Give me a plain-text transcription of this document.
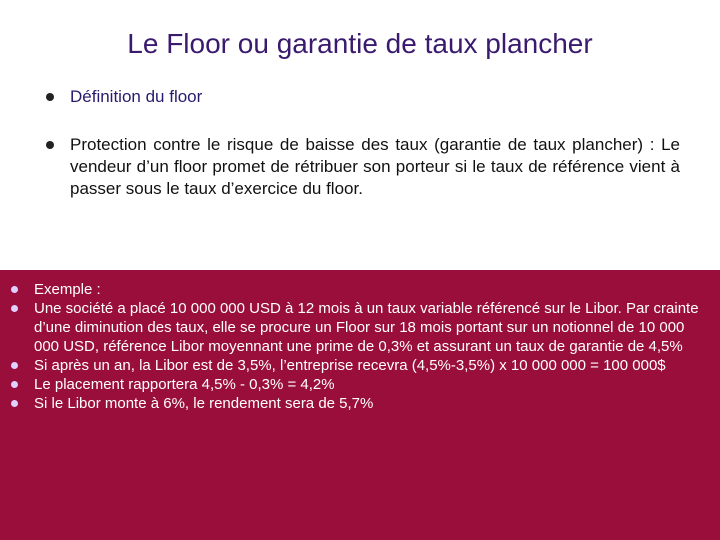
Le Floor ou garantie de taux plancher
Définition du floor
Protection contre le risque de baisse des taux (garantie de taux plancher) : Le vendeur d’un floor promet de rétribuer son porteur si le taux de référence vient à passer sous le taux d’exercice du floor.
Exemple :
Une société a placé 10 000 000 USD à 12 mois à un taux variable référencé sur le Libor. Par crainte d’une diminution des taux, elle se procure un Floor sur 18 mois portant sur un notionnel de 10 000 000 USD, référence Libor moyennant une prime de 0,3% et assurant un taux de garantie de 4,5%
Si après un an, la Libor est de 3,5%, l’entreprise recevra (4,5%-3,5%) x 10 000 000 = 100 000$
Le placement rapportera 4,5% - 0,3% = 4,2%
Si le Libor monte à 6%, le rendement sera de 5,7%
